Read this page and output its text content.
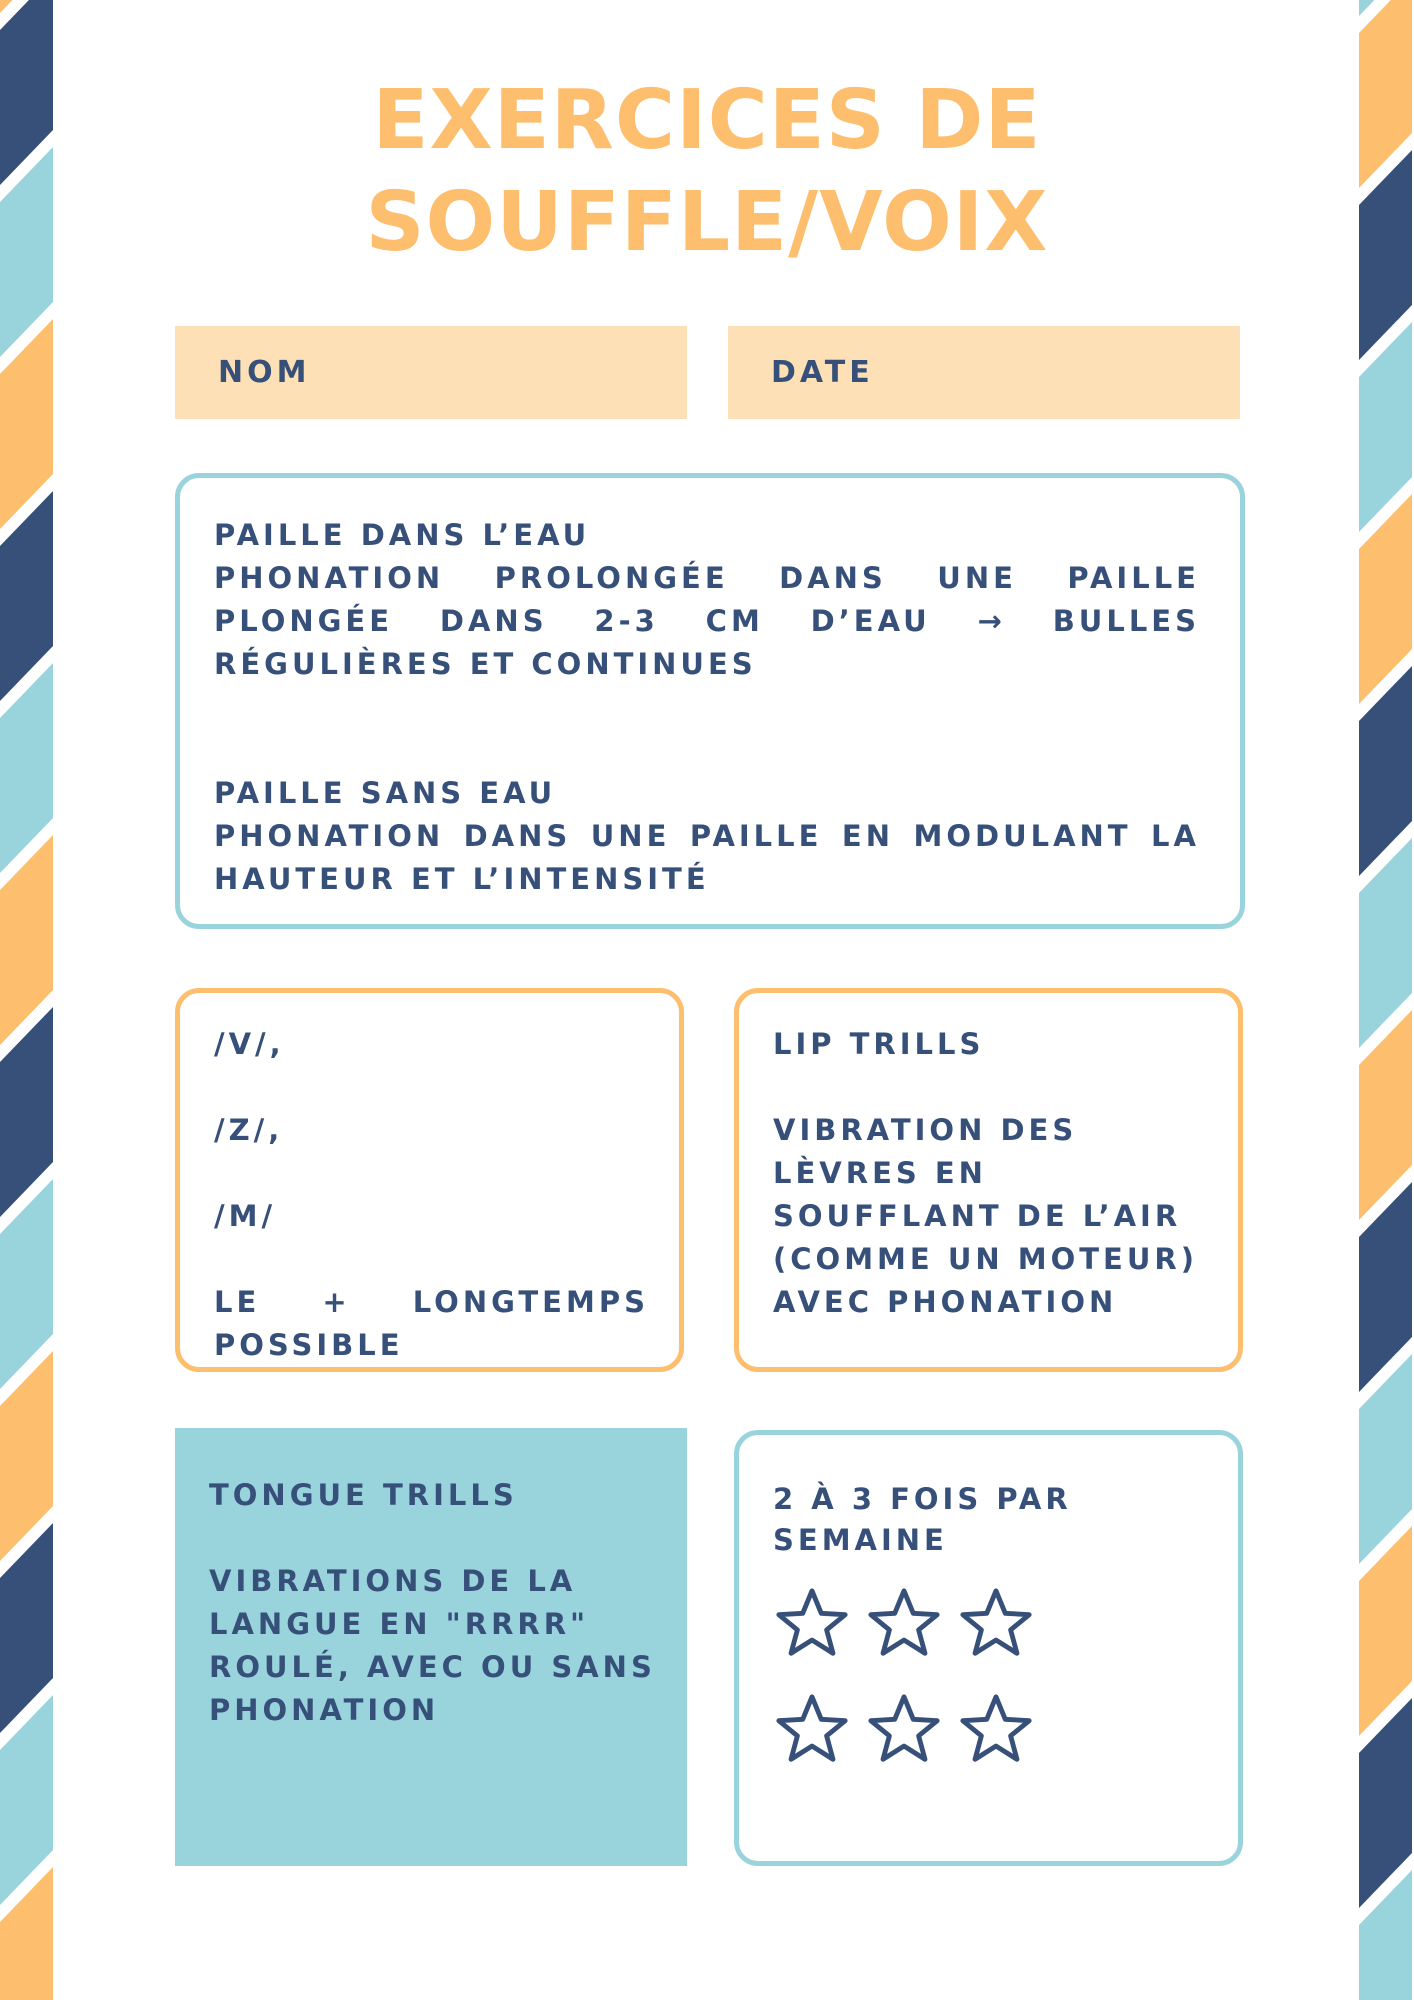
EXERCICES DE
SOUFFLE/VOIX
NOM	DATE

PAILLE DANS L’EAU

PHONATION PROLONGÉE DANS UNE PAILLE PLONGÉE DANS 2-3 CM D’EAU → BULLES RÉGULIÈRES ET CONTINUES

PAILLE SANS EAU

PHONATION DANS UNE PAILLE EN MODULANT LA HAUTEUR ET L’INTENSITÉ

/V/,

/Z/,

/M/

LE + LONGTEMPS POSSIBLE

LIP TRILLS

VIBRATION DES LÈVRES EN SOUFFLANT DE L’AIR (COMME UN MOTEUR) AVEC PHONATION

TONGUE TRILLS

VIBRATIONS DE LA LANGUE EN "RRRR" ROULÉ, AVEC OU SANS PHONATION

2 À 3 FOIS PAR SEMAINE
